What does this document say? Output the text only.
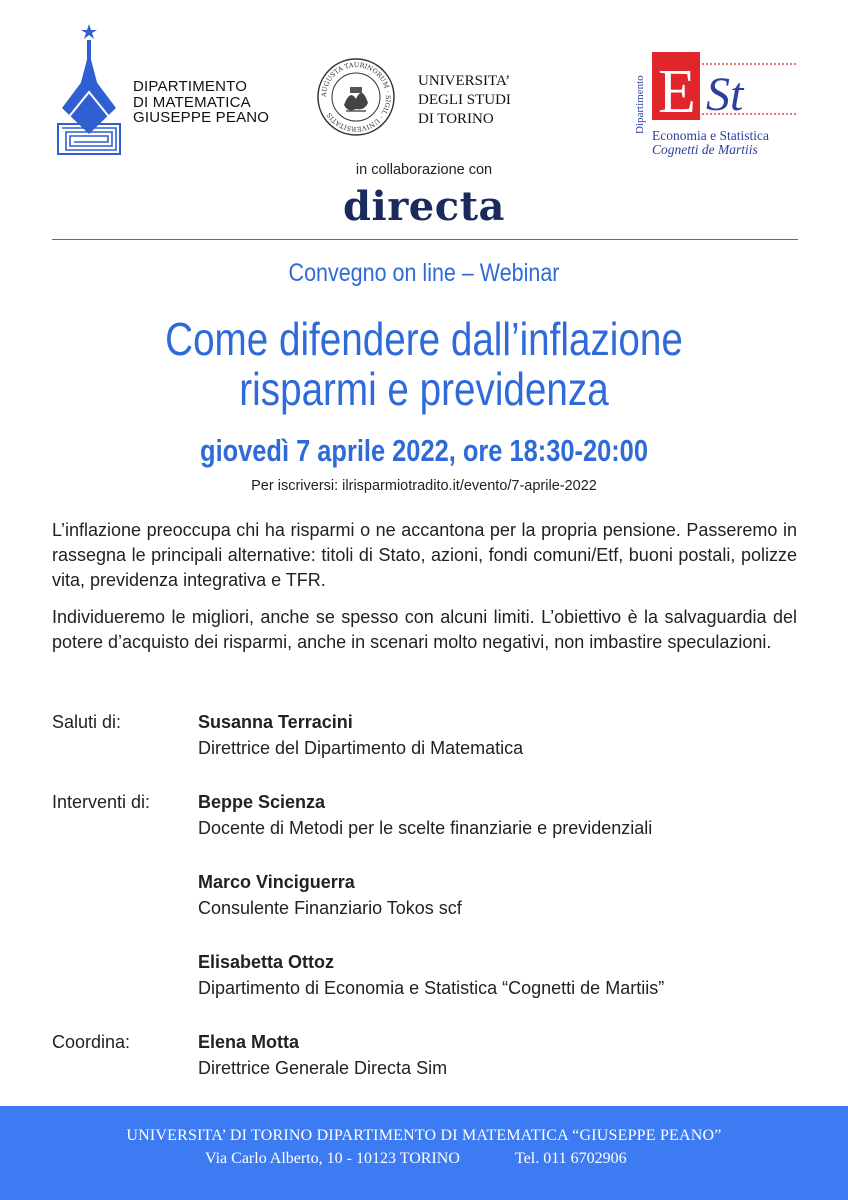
DIPARTIMENTO
DI MATEMATICA
GIUSEPPE PEANO
AUGUSTA TAURINORUM · SIGIL · UNIVERSITATIS
UNIVERSITA’
DEGLI STUDI
DI TORINO	Dipartimento E St
Economia e Statistica
Cognetti de Martiis
in collaborazione con
directa
Convegno on line – Webinar
Come difendere dall’inflazione
risparmi e previdenza
giovedì 7 aprile 2022, ore 18:30-20:00
Per iscriversi: ilrisparmiotradito.it/evento/7-aprile-2022
L’inflazione preoccupa chi ha risparmi o ne accantona per la propria pensione. Passeremo in rassegna le principali alternative: titoli di Stato, azioni, fondi comuni/Etf, buoni postali, polizze vita, previdenza integrativa e TFR.
Individueremo le migliori, anche se spesso con alcuni limiti. L’obiettivo è la salvaguardia del potere d’acquisto dei risparmi, anche in scenari molto negativi, non imbastire speculazioni.
Saluti di:	Susanna Terracini
Direttrice del Dipartimento di Matematica
Interventi di:	Beppe Scienza
Docente di Metodi per le scelte finanziarie e previdenziali
Marco Vinciguerra
Consulente Finanziario Tokos scf
Elisabetta Ottoz
Dipartimento di Economia e Statistica “Cognetti de Martiis”
Coordina:	Elena Motta
Direttrice Generale Directa Sim
UNIVERSITA’ DI TORINO DIPARTIMENTO DI MATEMATICA “GIUSEPPE PEANO”
Via Carlo Alberto, 10 - 10123 TORINO	Tel. 011 6702906
